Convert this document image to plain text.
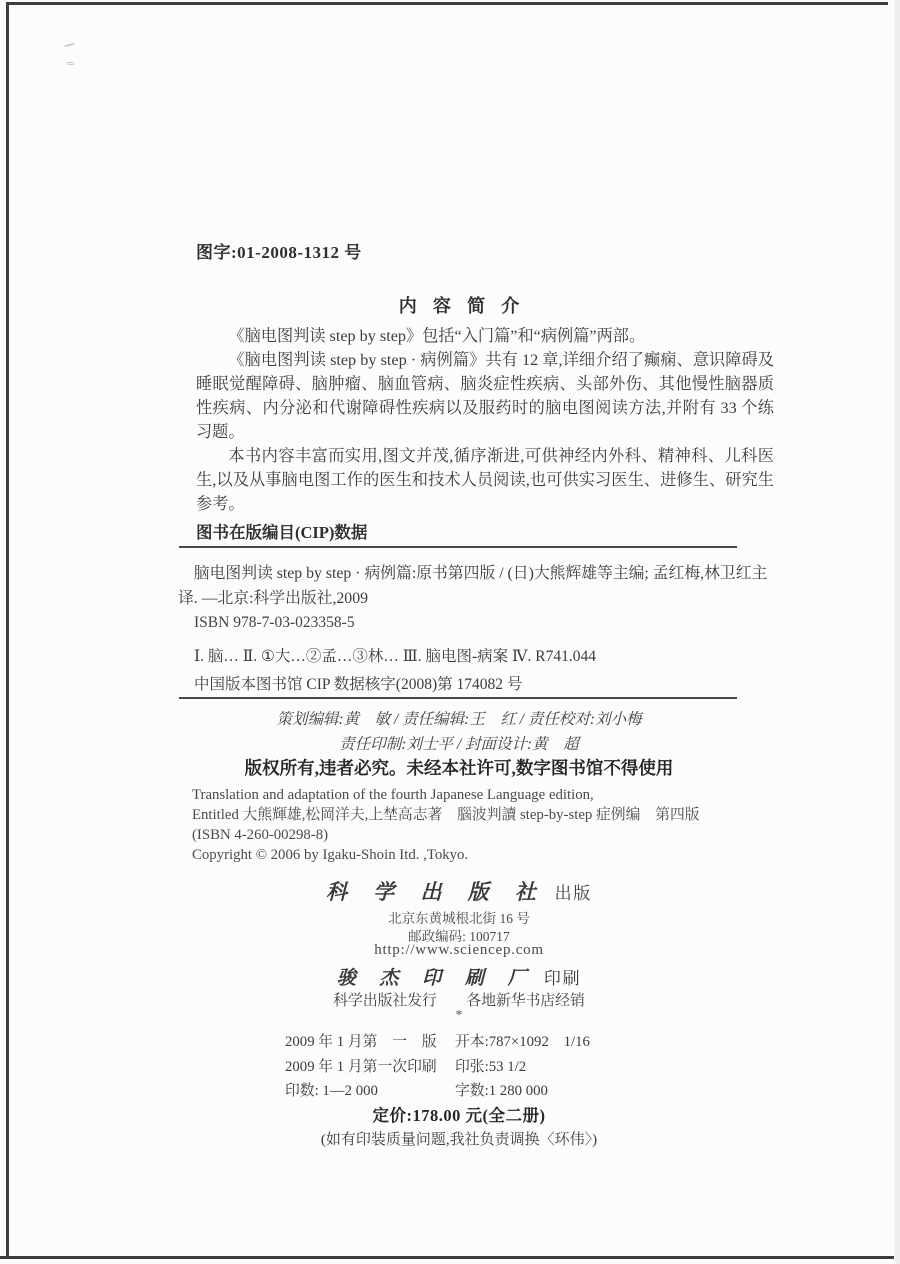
图字:01-2008-1312 号
内容简介

《脑电图判读 step by step》包括“入门篇”和“病例篇”两部。

《脑电图判读 step by step · 病例篇》共有 12 章,详细介绍了癫痫、意识障碍及睡眠觉醒障碍、脑肿瘤、脑血管病、脑炎症性疾病、头部外伤、其他慢性脑器质性疾病、内分泌和代谢障碍性疾病以及服药时的脑电图阅读方法,并附有 33 个练习题。

本书内容丰富而实用,图文并茂,循序渐进,可供神经内外科、精神科、儿科医生,以及从事脑电图工作的医生和技术人员阅读,也可供实习医生、进修生、研究生参考。

图书在版编目(CIP)数据
脑电图判读 step by step · 病例篇:原书第四版 / (日)大熊辉雄等主编; 孟红梅,林卫红主译. —北京:科学出版社,2009
ISBN 978-7-03-023358-5
Ⅰ. 脑… Ⅱ. ①大…②孟…③林… Ⅲ. 脑电图-病案 Ⅳ. R741.044
中国版本图书馆 CIP 数据核字(2008)第 174082 号
策划编辑:黄　敏 / 责任编辑:王　红 / 责任校对:刘小梅
责任印制:刘士平 / 封面设计:黄　超
版权所有,违者必究。未经本社许可,数字图书馆不得使用
Translation and adaptation of the fourth Japanese Language edition,
Entitled 大熊輝雄,松岡洋夫,上埜高志著　腦波判讀 step-by-step 症例编　第四版
(ISBN 4-260-00298-8)
Copyright © 2006 by Igaku-Shoin Itd. ,Tokyo.
科 学 出 版 社 出版
北京东黄城根北街 16 号
邮政编码: 100717
http://www.sciencep.com
骏 杰 印 刷 厂 印刷
科学出版社发行　　各地新华书店经销
*
2009 年 1 月第　一　版 开本:787×1092　1/16
2009 年 1 月第一次印刷 印张:53 1/2
印数: 1—2 000	字数:1 280 000
定价:178.00 元(全二册)
(如有印装质量问题,我社负责调换〈环伟〉)
